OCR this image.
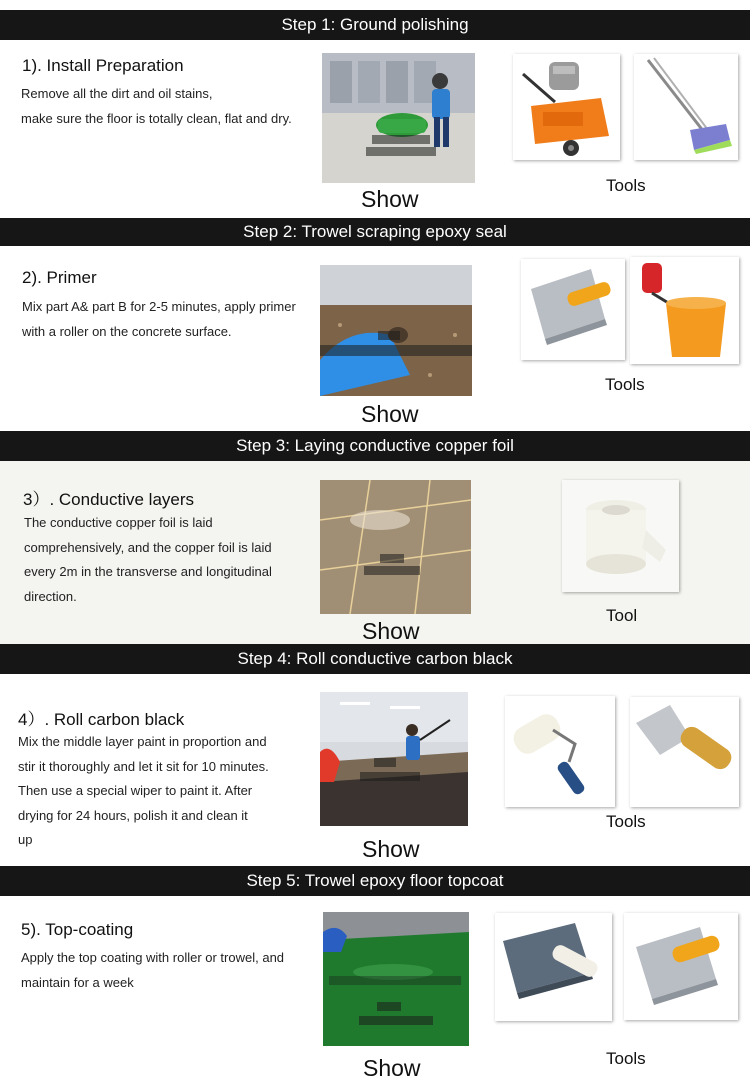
Step 1: Ground polishing
1). Install Preparation
Remove all the dirt and oil stains,
make sure the floor is totally clean, flat and dry.
Show
Tools
Step 2: Trowel scraping epoxy seal
2). Primer
Mix part A& part B for 2-5 minutes, apply primer
with a roller on the concrete surface.
Show
Tools
Step 3: Laying conductive copper foil
3）. Conductive layers
The conductive copper foil is laid
comprehensively, and the copper foil is laid
every 2m in the transverse and longitudinal
direction.
Show
Tool
Step 4: Roll conductive carbon black
4）. Roll carbon black
Mix the middle layer paint in proportion and
stir it thoroughly and let it sit for 10 minutes.
Then use a special wiper to paint it. After
drying for 24 hours, polish it and clean it
up	Show
Tools
Step 5: Trowel epoxy floor topcoat
5). Top-coating
Apply the top coating with roller or trowel, and
maintain for a week
Show	Tools
